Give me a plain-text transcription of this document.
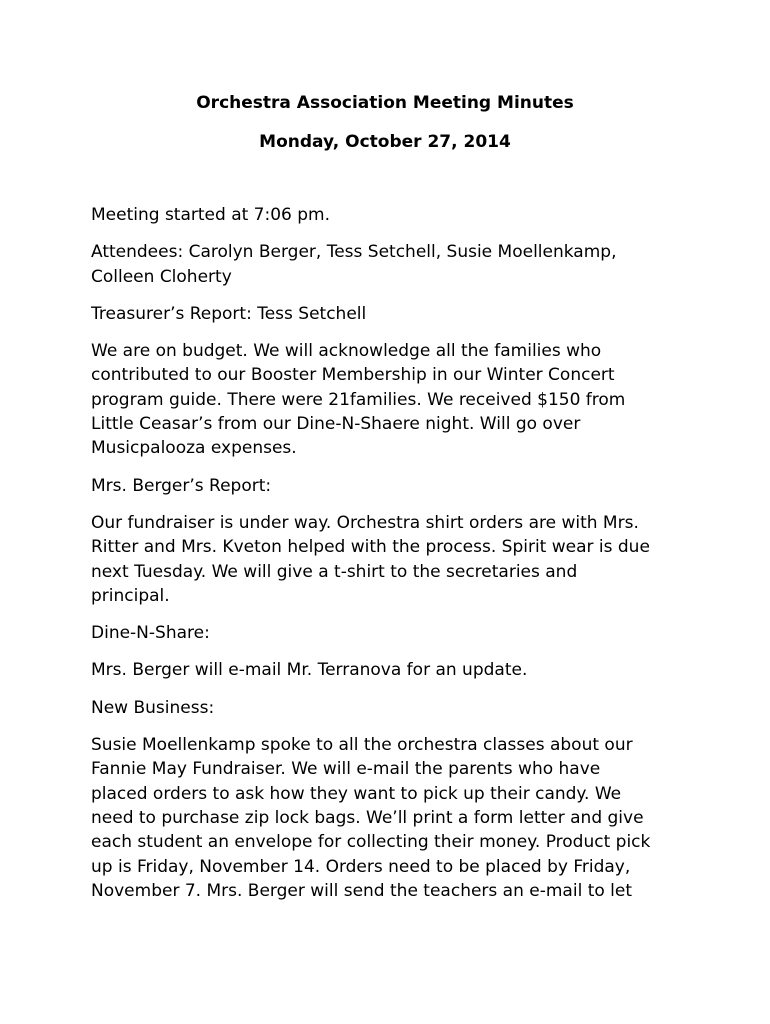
Orchestra Association Meeting Minutes
Monday, October 27, 2014

Meeting started at 7:06 pm.

Attendees: Carolyn Berger, Tess Setchell, Susie Moellenkamp,
Colleen Cloherty

Treasurer’s Report: Tess Setchell

We are on budget. We will acknowledge all the families who
contributed to our Booster Membership in our Winter Concert
program guide. There were 21families. We received $150 from
Little Ceasar’s from our Dine-N-Shaere night. Will go over
Musicpalooza expenses.

Mrs. Berger’s Report:

Our fundraiser is under way. Orchestra shirt orders are with Mrs.
Ritter and Mrs. Kveton helped with the process. Spirit wear is due
next Tuesday. We will give a t-shirt to the secretaries and
principal.

Dine-N-Share:

Mrs. Berger will e-mail Mr. Terranova for an update.

New Business:

Susie Moellenkamp spoke to all the orchestra classes about our
Fannie May Fundraiser. We will e-mail the parents who have
placed orders to ask how they want to pick up their candy. We
need to purchase zip lock bags. We’ll print a form letter and give
each student an envelope for collecting their money. Product pick
up is Friday, November 14. Orders need to be placed by Friday,
November 7. Mrs. Berger will send the teachers an e-mail to let
